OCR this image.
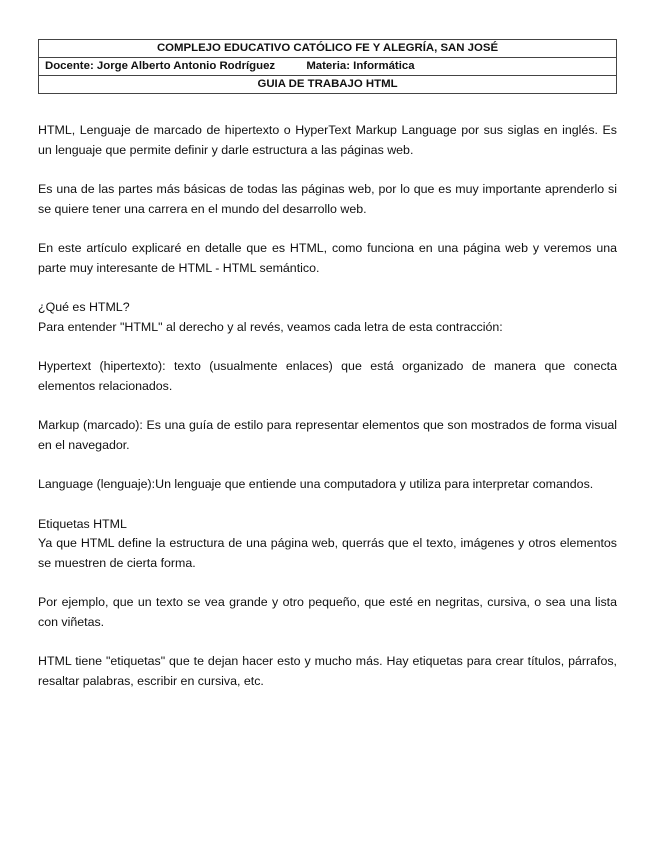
COMPLEJO EDUCATIVO CATÓLICO FE Y ALEGRÍA, SAN JOSÉ
Docente: Jorge Alberto Antonio Rodríguez	Materia: Informática
GUIA DE TRABAJO HTML

HTML, Lenguaje de marcado de hipertexto o HyperText Markup Language por sus siglas en inglés. Es un lenguaje que permite definir y darle estructura a las páginas web.

Es una de las partes más básicas de todas las páginas web, por lo que es muy importante aprenderlo si se quiere tener una carrera en el mundo del desarrollo web.

En este artículo explicaré en detalle que es HTML, como funciona en una página web y veremos una parte muy interesante de HTML - HTML semántico.

¿Qué es HTML?
Para entender "HTML" al derecho y al revés, veamos cada letra de esta contracción:

Hypertext (hipertexto): texto (usualmente enlaces) que está organizado de manera que conecta elementos relacionados.

Markup (marcado): Es una guía de estilo para representar elementos que son mostrados de forma visual en el navegador.

Language (lenguaje):Un lenguaje que entiende una computadora y utiliza para interpretar comandos.

Etiquetas HTML
Ya que HTML define la estructura de una página web, querrás que el texto, imágenes y otros elementos se muestren de cierta forma.

Por ejemplo, que un texto se vea grande y otro pequeño, que esté en negritas, cursiva, o sea una lista con viñetas.

HTML tiene "etiquetas" que te dejan hacer esto y mucho más. Hay etiquetas para crear títulos, párrafos, resaltar palabras, escribir en cursiva, etc.
